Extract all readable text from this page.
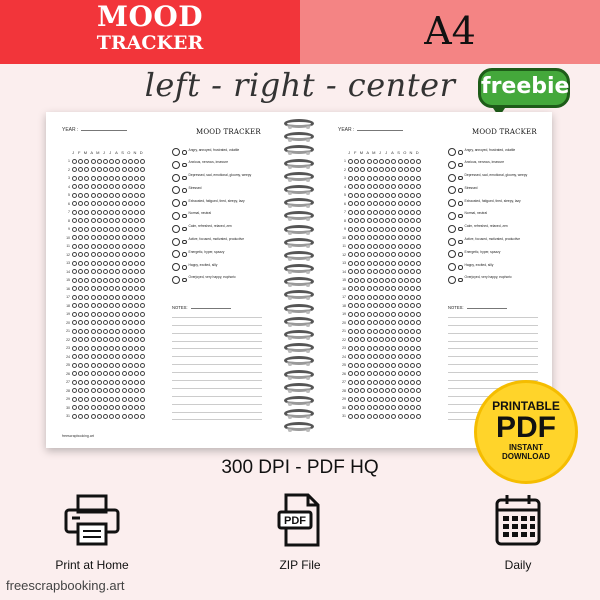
MOOD
TRACKER	A4
left - right - center	freebie
YEAR :	MOOD TRACKER
J F M A M J J A S O N D
1
2
3
4
5
6
7
8
9
10
11
12
13
14
15
16
17
18
19
20
21
22
23
24
25
26
27
28
29
30
31
Angry, annoyed, frustrated, volatile
Anxious, nervous, insecure
Depressed, sad, emotional, gloomy, weepy
Stressed
Exhausted, fatigued, tired, sleepy, lazy
Normal, neutral
Calm, refreshed, relaxed, zen
Active, focused, motivated, productive
Energetic, hyper, spazzy
Happy, excited, silly
Overjoyed, very happy, euphoric
NOTES:
freescrapbooking.art
YEAR :	MOOD TRACKER
J F M A M J J A S O N D
1
2
3
4
5
6
7
8
9
10
11
12
13
14
15
16
17
18
19
20
21
22
23
24
25
26
27
28
29
30
31
Angry, annoyed, frustrated, volatile
Anxious, nervous, insecure
Depressed, sad, emotional, gloomy, weepy
Stressed
Exhausted, fatigued, tired, sleepy, lazy
Normal, neutral
Calm, refreshed, relaxed, zen
Active, focused, motivated, productive
Energetic, hyper, spazzy
Happy, excited, silly
Overjoyed, very happy, euphoric
NOTES:
PRINTABLE
PDF
INSTANT
DOWNLOAD
300 DPI - PDF HQ
Print at Home
PDF
ZIP File	Daily
freescrapbooking.art
